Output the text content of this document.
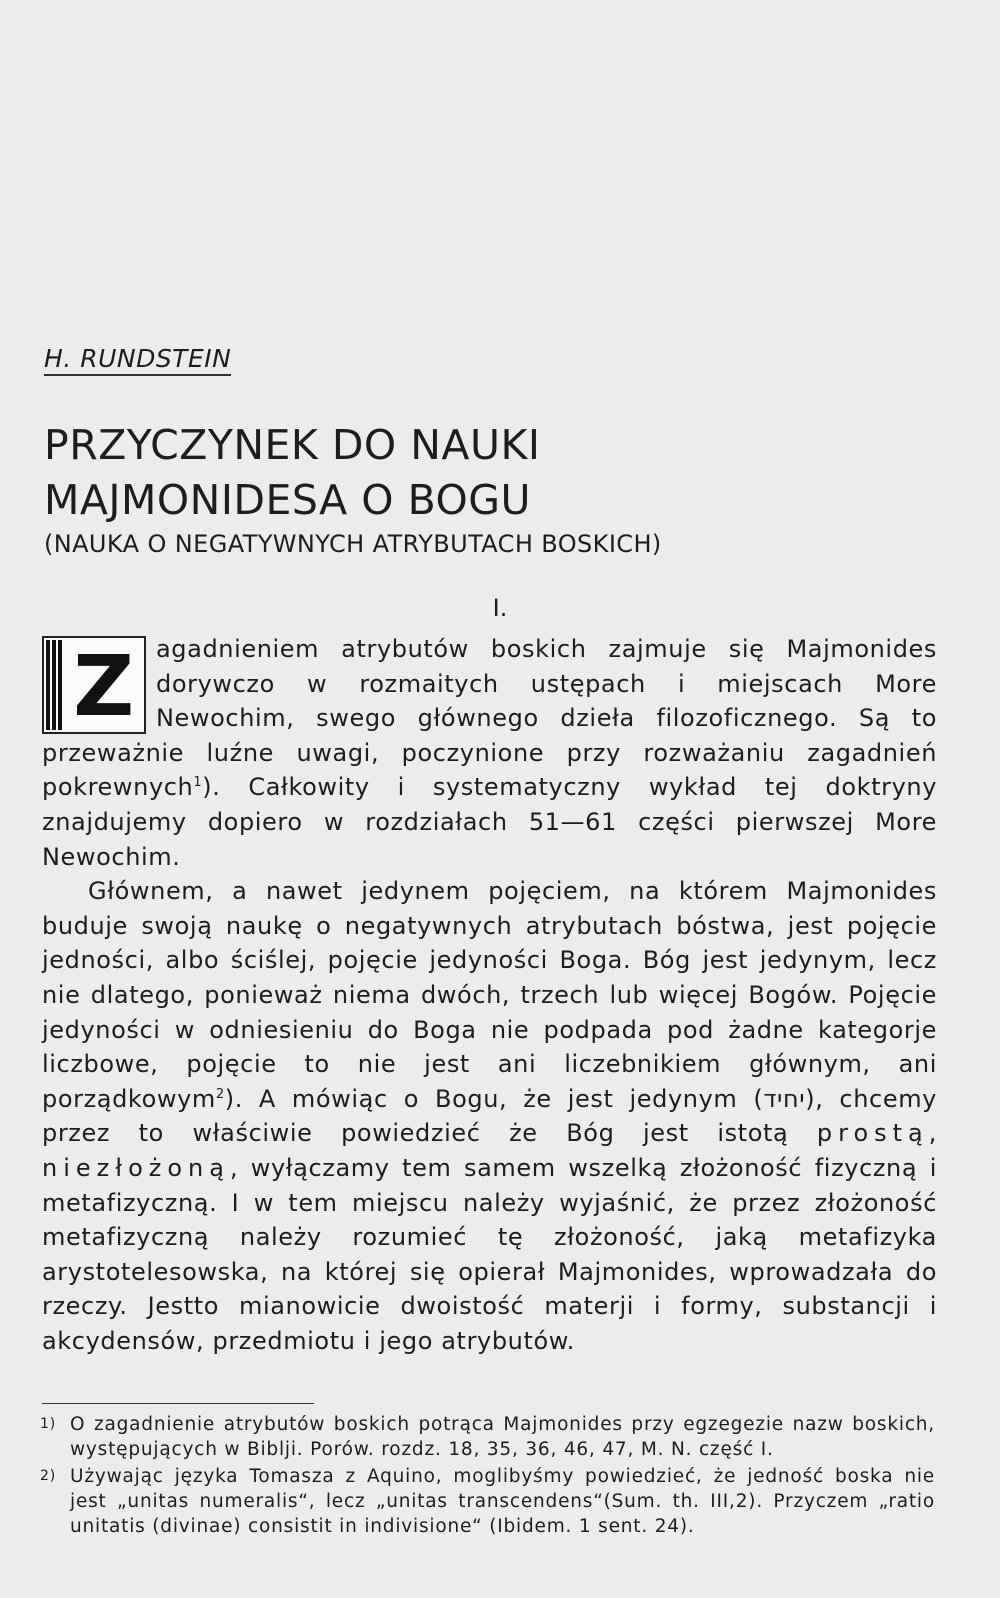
H. RUNDSTEIN
PRZYCZYNEK DO NAUKI
MAJMONIDESA O BOGU
(NAUKA O NEGATYWNYCH ATRYBUTACH BOSKICH)
I.

Z agadnieniem atrybutów boskich zajmuje się Majmonides dorywczo w rozmaitych ustępach i miejscach More Newochim, swego głównego dzieła filozoficznego. Są to przeważnie luźne uwagi, poczynione przy rozważaniu zagadnień pokrewnych$^1$). Całkowity i systematyczny wykład tej doktryny znajdujemy dopiero w rozdziałach 51—61 części pierwszej More Newochim.

Głównem, a nawet jedynem pojęciem, na którem Majmonides buduje swoją naukę o negatywnych atrybutach bóstwa, jest pojęcie jedności, albo ściślej, pojęcie jedyności Boga. Bóg jest jedynym, lecz nie dlatego, ponieważ niema dwóch, trzech lub więcej Bogów. Pojęcie jedyności w odniesieniu do Boga nie podpada pod żadne kategorje liczbowe, pojęcie to nie jest ani liczebnikiem głównym, ani porządkowym$^2$). A mówiąc o Bogu, że jest jedynym (יחיד), chcemy przez to właściwie powiedzieć że Bóg jest istotą prostą, niezłożoną, wyłączamy tem samem wszelką złożoność fizyczną i metafizyczną. I w tem miejscu należy wyjaśnić, że przez złożoność metafizyczną należy rozumieć tę złożoność, jaką metafizyka arystotelesowska, na której się opierał Majmonides, wprowadzała do rzeczy. Jestto mianowicie dwoistość materji i formy, substancji i akcydensów, przedmiotu i jego atrybutów.

1) O zagadnienie atrybutów boskich potrąca Majmonides przy egzegezie nazw boskich, występujących w Biblji. Porów. rozdz. 18, 35, 36, 46, 47, M. N. część I.
2) Używając języka Tomasza z Aquino, moglibyśmy powiedzieć, że jedność boska nie jest „unitas numeralis“, lecz „unitas transcendens“(Sum. th. III,2). Przyczem „ratio unitatis (divinae) consistit in indivisione“ (Ibidem. 1 sent. 24).
